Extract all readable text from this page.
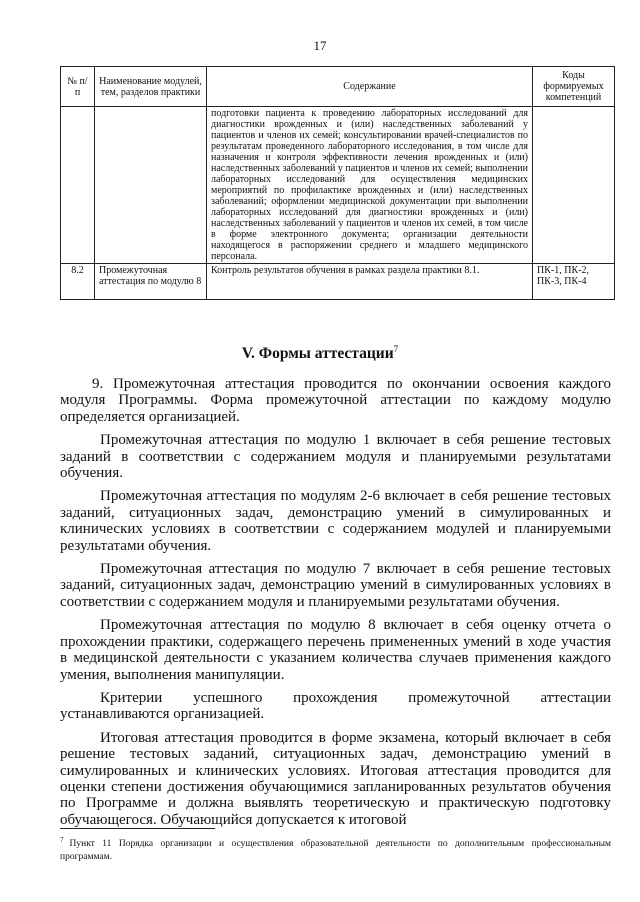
17
№ п/п	Наименование модулей, тем, разделов практики	Содержание	Коды формируемых компетенций
		подготовки пациента к проведению лабораторных исследований для диагностики врожденных и (или) наследственных заболеваний у пациентов и членов их семей; консультировании врачей-специалистов по результатам проведенного лабораторного исследования, в том числе для назначения и контроля эффективности лечения врожденных и (или) наследственных заболеваний у пациентов и членов их семей; выполнении лабораторных исследований для осуществления медицинских мероприятий по профилактике врожденных и (или) наследственных заболеваний; оформлении медицинской документации при выполнении лабораторных исследований для диагностики врожденных и (или) наследственных заболеваний у пациентов и членов их семей, в том числе в форме электронного документа; организации деятельности находящегося в распоряжении среднего и младшего медицинского персонала.	
8.2	Промежуточная аттестация по модулю 8	Контроль результатов обучения в рамках раздела практики 8.1.	ПК-1, ПК-2, ПК-3, ПК-4
V. Формы аттестации$^7$

9. Промежуточная аттестация проводится по окончании освоения каждого модуля Программы. Форма промежуточной аттестации по каждому модулю определяется организацией.

Промежуточная аттестация по модулю 1 включает в себя решение тестовых заданий в соответствии с содержанием модуля и планируемыми результатами обучения.

Промежуточная аттестация по модулям 2-6 включает в себя решение тестовых заданий, ситуационных задач, демонстрацию умений в симулированных и клинических условиях в соответствии с содержанием модулей и планируемыми результатами обучения.

Промежуточная аттестация по модулю 7 включает в себя решение тестовых заданий, ситуационных задач, демонстрацию умений в симулированных условиях в соответствии с содержанием модуля и планируемыми результатами обучения.

Промежуточная аттестация по модулю 8 включает в себя оценку отчета о прохождении практики, содержащего перечень примененных умений в ходе участия в медицинской деятельности с указанием количества случаев применения каждого умения, выполнения манипуляции.

Критерии успешного прохождения промежуточной аттестации устанавливаются организацией.

Итоговая аттестация проводится в форме экзамена, который включает в себя решение тестовых заданий, ситуационных задач, демонстрацию умений в симулированных и клинических условиях. Итоговая аттестация проводится для оценки степени достижения обучающимися запланированных результатов обучения по Программе и должна выявлять теоретическую и практическую подготовку обучающегося. Обучающийся допускается к итоговой

$^7$ Пункт 11 Порядка организации и осуществления образовательной деятельности по дополнительным профессиональным программам.
